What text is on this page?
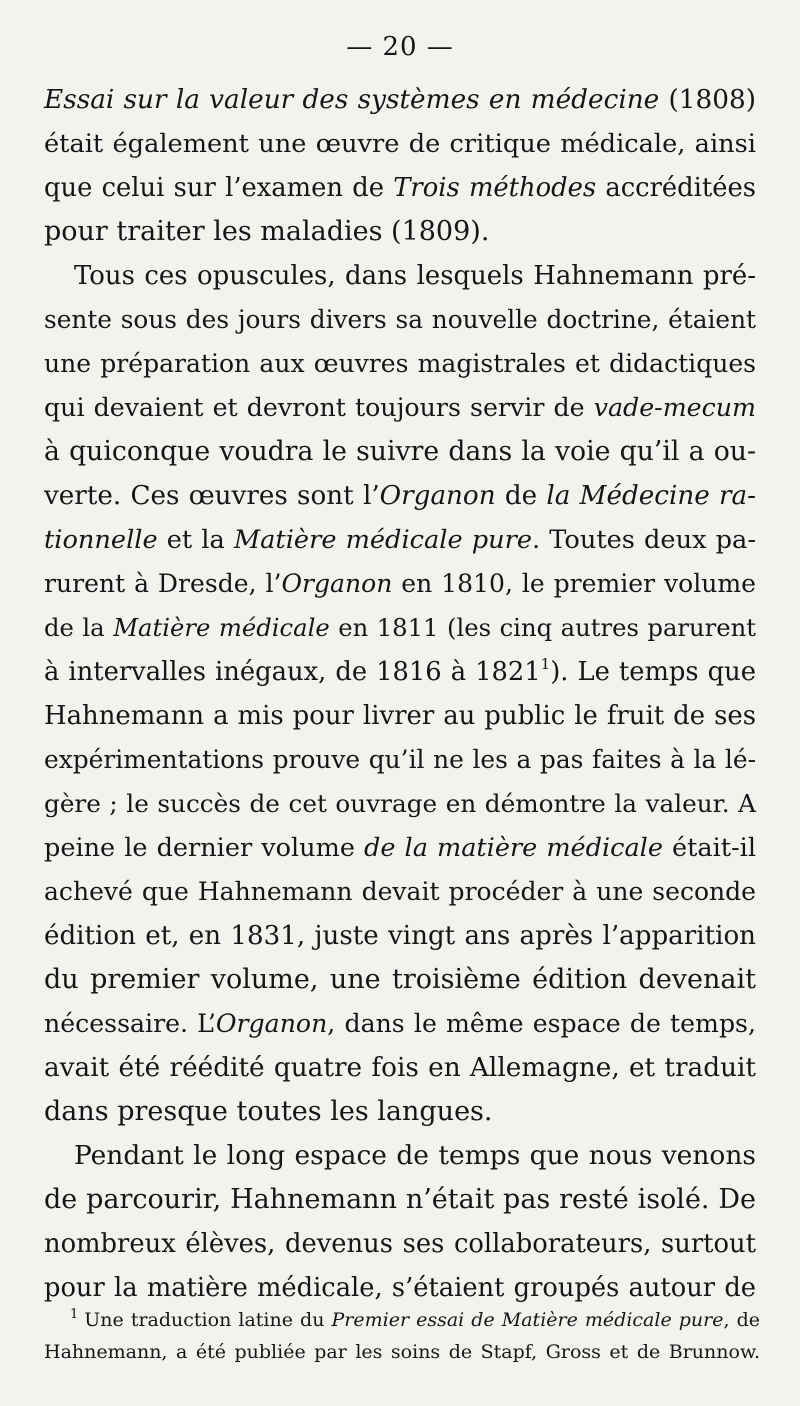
— 20 —
Essai sur la valeur des systèmes en médecine (1808)
était également une œuvre de critique médicale, ainsi
que celui sur l’examen de Trois méthodes accréditées
pour traiter les maladies (1809).
Tous ces opuscules, dans lesquels Hahnemann pré-
sente sous des jours divers sa nouvelle doctrine, étaient
une préparation aux œuvres magistrales et didactiques
qui devaient et devront toujours servir de vade-mecum
à quiconque voudra le suivre dans la voie qu’il a ou-
verte. Ces œuvres sont l’Organon de la Médecine ra-
tionnelle et la Matière médicale pure. Toutes deux pa-
rurent à Dresde, l’Organon en 1810, le premier volume
de la Matière médicale en 1811 (les cinq autres parurent
à intervalles inégaux, de 1816 à 1821$^1$). Le temps que
Hahnemann a mis pour livrer au public le fruit de ses
expérimentations prouve qu’il ne les a pas faites à la lé-
gère ; le succès de cet ouvrage en démontre la valeur. A
peine le dernier volume de la matière médicale était-il
achevé que Hahnemann devait procéder à une seconde
édition et, en 1831, juste vingt ans après l’apparition
du premier volume, une troisième édition devenait
nécessaire. L’Organon, dans le même espace de temps,
avait été réédité quatre fois en Allemagne, et traduit
dans presque toutes les langues.
Pendant le long espace de temps que nous venons
de parcourir, Hahnemann n’était pas resté isolé. De
nombreux élèves, devenus ses collaborateurs, surtout
pour la matière médicale, s’étaient groupés autour de
$^1$ Une traduction latine du Premier essai de Matière médicale pure, de
Hahnemann, a été publiée par les soins de Stapf, Gross et de Brunnow.
